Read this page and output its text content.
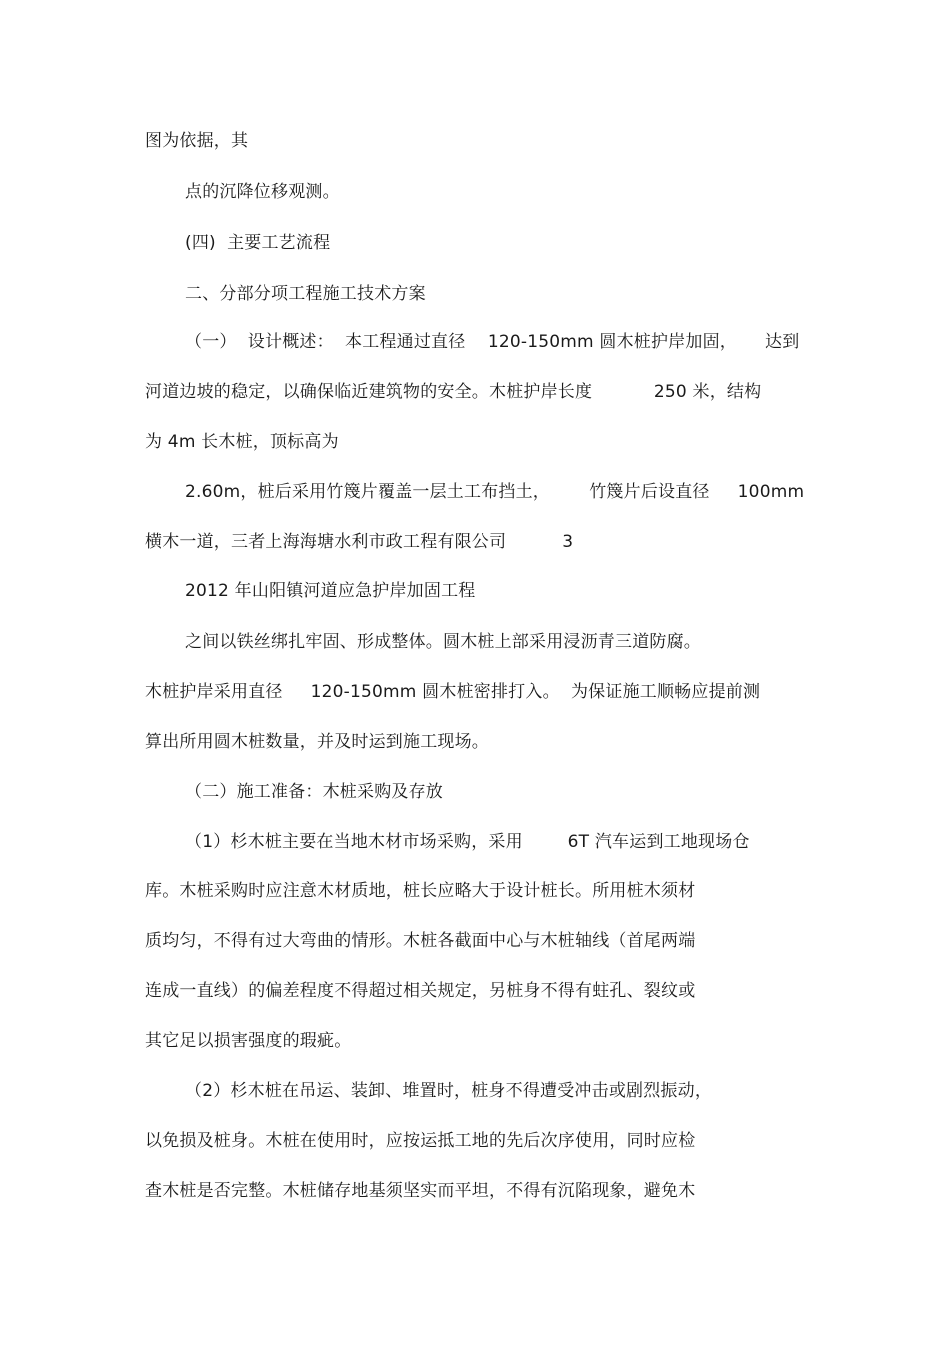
图为依据，其
点的沉降位移观测。
(四)  主要工艺流程
二、分部分项工程施工技术方案
（一）  设计概述：  本工程通过直径    120-150mm 圆木桩护岸加固，     达到
河道边坡的稳定，以确保临近建筑物的安全。木桩护岸长度           250 米，结构
为 4m 长木桩，顶标高为
2.60m，桩后采用竹篾片覆盖一层土工布挡土，       竹篾片后设直径     100mm
横木一道，三者上海海塘水利市政工程有限公司          3
2012 年山阳镇河道应急护岸加固工程
之间以铁丝绑扎牢固、形成整体。圆木桩上部采用浸沥青三道防腐。
木桩护岸采用直径     120-150mm 圆木桩密排打入。  为保证施工顺畅应提前测
算出所用圆木桩数量，并及时运到施工现场。
（二）施工准备：木桩采购及存放
（1）杉木桩主要在当地木材市场采购，采用        6T 汽车运到工地现场仓
库。木桩采购时应注意木材质地，桩长应略大于设计桩长。所用桩木须材
质均匀，不得有过大弯曲的情形。木桩各截面中心与木桩轴线（首尾两端
连成一直线）的偏差程度不得超过相关规定，另桩身不得有蛀孔、裂纹或
其它足以损害强度的瑕疵。
（2）杉木桩在吊运、装卸、堆置时，桩身不得遭受冲击或剧烈振动，
以免损及桩身。木桩在使用时，应按运抵工地的先后次序使用，同时应检
查木桩是否完整。木桩储存地基须坚实而平坦，不得有沉陷现象，避免木
